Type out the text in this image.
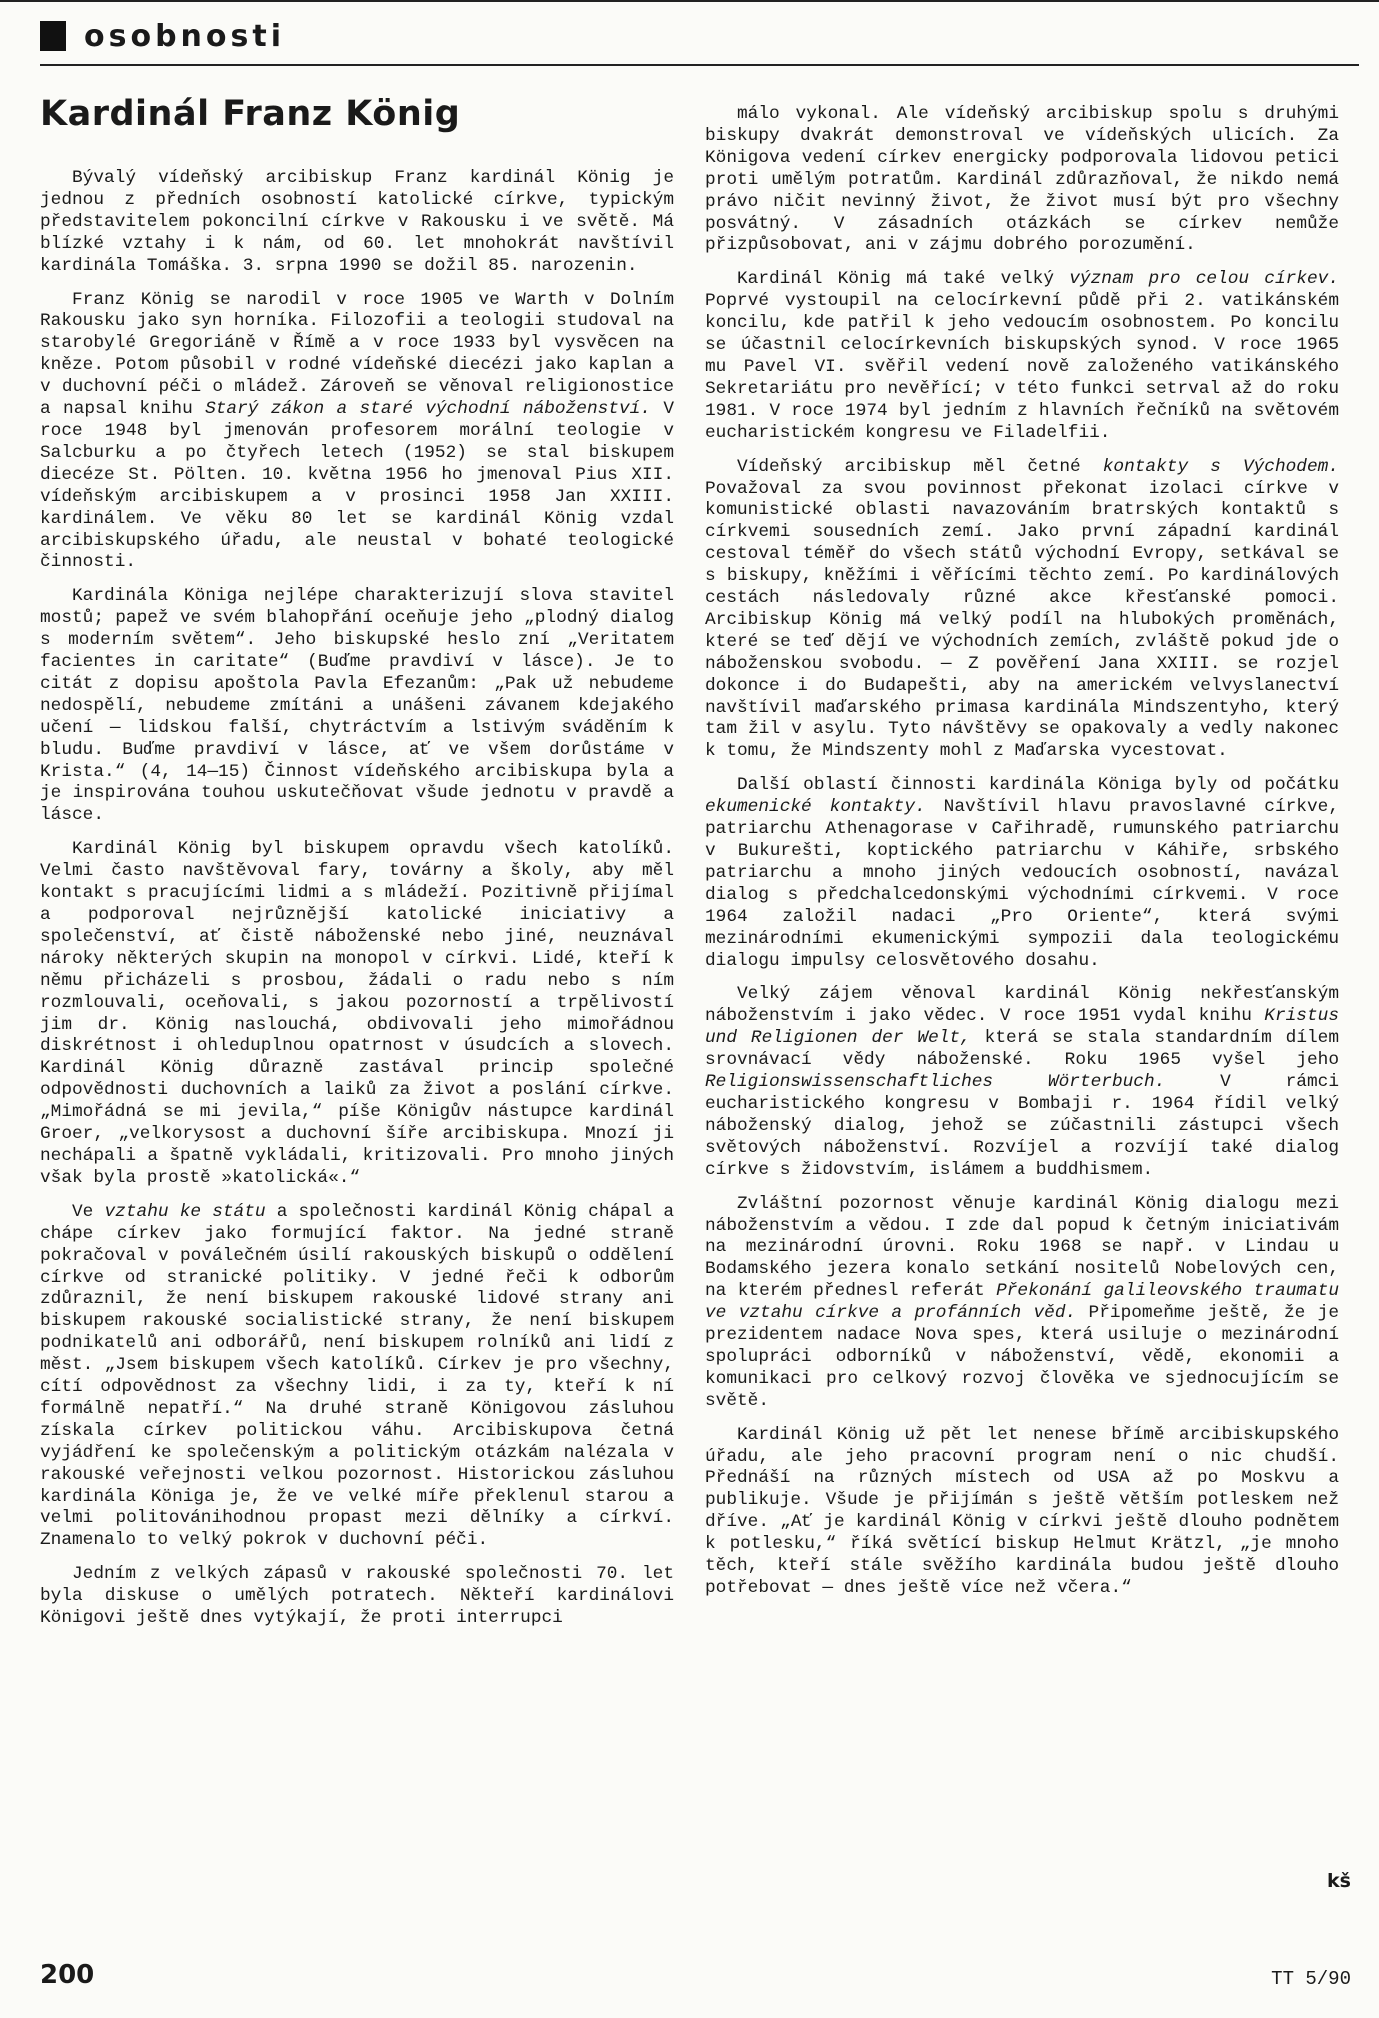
osobnosti
Kardinál Franz König

Bývalý vídeňský arcibiskup Franz kardinál König je jednou z předních osobností katolické církve, typickým představitelem pokoncilní církve v Rakousku i ve světě. Má blízké vztahy i k nám, od 60. let mnohokrát navštívil kardinála Tomáška. 3. srpna 1990 se dožil 85. narozenin.

Franz König se narodil v roce 1905 ve Warth v Dolním Rakousku jako syn horníka. Filozofii a teologii studoval na starobylé Gregoriáně v Římě a v roce 1933 byl vysvěcen na kněze. Potom působil v rodné vídeňské diecézi jako kaplan a v duchovní péči o mládež. Zároveň se věnoval religionostice a napsal knihu Starý zákon a staré východní náboženství. V roce 1948 byl jmenován profesorem morální teologie v Salcburku a po čtyřech letech (1952) se stal biskupem diecéze St. Pölten. 10. května 1956 ho jmenoval Pius XII. vídeňským arcibiskupem a v prosinci 1958 Jan XXIII. kardinálem. Ve věku 80 let se kardinál König vzdal arcibiskupského úřadu, ale neustal v bohaté teologické činnosti.

Kardinála Königa nejlépe charakterizují slova stavitel mostů; papež ve svém blahopřání oceňuje jeho „plodný dialog s moderním světem“. Jeho biskupské heslo zní „Veritatem facientes in caritate“ (Buďme pravdiví v lásce). Je to citát z dopisu apoštola Pavla Efezanům: „Pak už nebudeme nedospělí, nebudeme zmítáni a unášeni závanem kdejakého učení — lidskou falší, chytráctvím a lstivým sváděním k bludu. Buďme pravdiví v lásce, ať ve všem dorůstáme v Krista.“ (4, 14—15) Činnost vídeňského arcibiskupa byla a je inspirována touhou uskutečňovat všude jednotu v pravdě a lásce.

Kardinál König byl biskupem opravdu všech katolíků. Velmi často navštěvoval fary, továrny a školy, aby měl kontakt s pracujícími lidmi a s mládeží. Pozitivně přijímal a podporoval nejrůznější katolické iniciativy a společenství, ať čistě náboženské nebo jiné, neuznával nároky některých skupin na monopol v církvi. Lidé, kteří k němu přicházeli s prosbou, žádali o radu nebo s ním rozmlouvali, oceňovali, s jakou pozorností a trpělivostí jim dr. König naslouchá, obdivovali jeho mimořádnou diskrétnost i ohleduplnou opatrnost v úsudcích a slovech. Kardinál König důrazně zastával princip společné odpovědnosti duchovních a laiků za život a poslání církve. „Mimořádná se mi jevila,“ píše Königův nástupce kardinál Groer, „velkorysost a duchovní šíře arcibiskupa. Mnozí ji nechápali a špatně vykládali, kritizovali. Pro mnoho jiných však byla prostě »katolická«.“

Ve vztahu ke státu a společnosti kardinál König chápal a chápe církev jako formující faktor. Na jedné straně pokračoval v poválečném úsilí rakouských biskupů o oddělení církve od stranické politiky. V jedné řeči k odborům zdůraznil, že není biskupem rakouské lidové strany ani biskupem rakouské socialistické strany, že není biskupem podnikatelů ani odborářů, není biskupem rolníků ani lidí z měst. „Jsem biskupem všech katolíků. Církev je pro všechny, cítí odpovědnost za všechny lidi, i za ty, kteří k ní formálně nepatří.“ Na druhé straně Königovou zásluhou získala církev politickou váhu. Arcibiskupova četná vyjádření ke společenským a politickým otázkám nalézala v rakouské veřejnosti velkou pozornost. Historickou zásluhou kardinála Königa je, že ve velké míře překlenul starou a velmi politovánihodnou propast mezi dělníky a církví. Znamenalo to velký pokrok v duchovní péči.

Jedním z velkých zápasů v rakouské společnosti 70. let byla diskuse o umělých potratech. Někteří kardinálovi Königovi ještě dnes vytýkají, že proti interrupci

málo vykonal. Ale vídeňský arcibiskup spolu s druhými biskupy dvakrát demonstroval ve vídeňských ulicích. Za Königova vedení církev energicky podporovala lidovou petici proti umělým potratům. Kardinál zdůrazňoval, že nikdo nemá právo ničit nevinný život, že život musí být pro všechny posvátný. V zásadních otázkách se církev nemůže přizpůsobovat, ani v zájmu dobrého porozumění.

Kardinál König má také velký význam pro celou církev. Poprvé vystoupil na celocírkevní půdě při 2. vatikánském koncilu, kde patřil k jeho vedoucím osobnostem. Po koncilu se účastnil celocírkevních biskupských synod. V roce 1965 mu Pavel VI. svěřil vedení nově založeného vatikánského Sekretariátu pro nevěřící; v této funkci setrval až do roku 1981. V roce 1974 byl jedním z hlavních řečníků na světovém eucharistickém kongresu ve Filadelfii.

Vídeňský arcibiskup měl četné kontakty s Východem. Považoval za svou povinnost překonat izolaci církve v komunistické oblasti navazováním bratrských kontaktů s církvemi sousedních zemí. Jako první západní kardinál cestoval téměř do všech států východní Evropy, setkával se s biskupy, kněžími i věřícími těchto zemí. Po kardinálových cestách následovaly různé akce křesťanské pomoci. Arcibiskup König má velký podíl na hlubokých proměnách, které se teď dějí ve východních zemích, zvláště pokud jde o náboženskou svobodu. — Z pověření Jana XXIII. se rozjel dokonce i do Budapešti, aby na americkém velvyslanectví navštívil maďarského primasa kardinála Mindszentyho, který tam žil v asylu. Tyto návštěvy se opakovaly a vedly nakonec k tomu, že Mindszenty mohl z Maďarska vycestovat.

Další oblastí činnosti kardinála Königa byly od počátku ekumenické kontakty. Navštívil hlavu pravoslavné církve, patriarchu Athenagorase v Cařihradě, rumunského patriarchu v Bukurešti, koptického patriarchu v Káhiře, srbského patriarchu a mnoho jiných vedoucích osobností, navázal dialog s předchalcedonskými východními církvemi. V roce 1964 založil nadaci „Pro Oriente“, která svými mezinárodními ekumenickými sympozii dala teologickému dialogu impulsy celosvětového dosahu.

Velký zájem věnoval kardinál König nekřesťanským náboženstvím i jako vědec. V roce 1951 vydal knihu Kristus und Religionen der Welt, která se stala standardním dílem srovnávací vědy náboženské. Roku 1965 vyšel jeho Religionswissenschaftliches Wörterbuch. V rámci eucharistického kongresu v Bombaji r. 1964 řídil velký náboženský dialog, jehož se zúčastnili zástupci všech světových náboženství. Rozvíjel a rozvíjí také dialog církve s židovstvím, islámem a buddhismem.

Zvláštní pozornost věnuje kardinál König dialogu mezi náboženstvím a vědou. I zde dal popud k četným iniciativám na mezinárodní úrovni. Roku 1968 se např. v Lindau u Bodamského jezera konalo setkání nositelů Nobelových cen, na kterém přednesl referát Překonání galileovského traumatu ve vztahu církve a profánních věd. Připomeňme ještě, že je prezidentem nadace Nova spes, která usiluje o mezinárodní spolupráci odborníků v náboženství, vědě, ekonomii a komunikaci pro celkový rozvoj člověka ve sjednocujícím se světě.

Kardinál König už pět let nenese břímě arcibiskupského úřadu, ale jeho pracovní program není o nic chudší. Přednáší na různých místech od USA až po Moskvu a publikuje. Všude je přijímán s ještě větším potleskem než dříve. „Ať je kardinál König v církvi ještě dlouho podnětem k potlesku,“ říká světící biskup Helmut Krätzl, „je mnoho těch, kteří stále svěžího kardinála budou ještě dlouho potřebovat — dnes ještě více než včera.“

kš
200	TT 5/90
